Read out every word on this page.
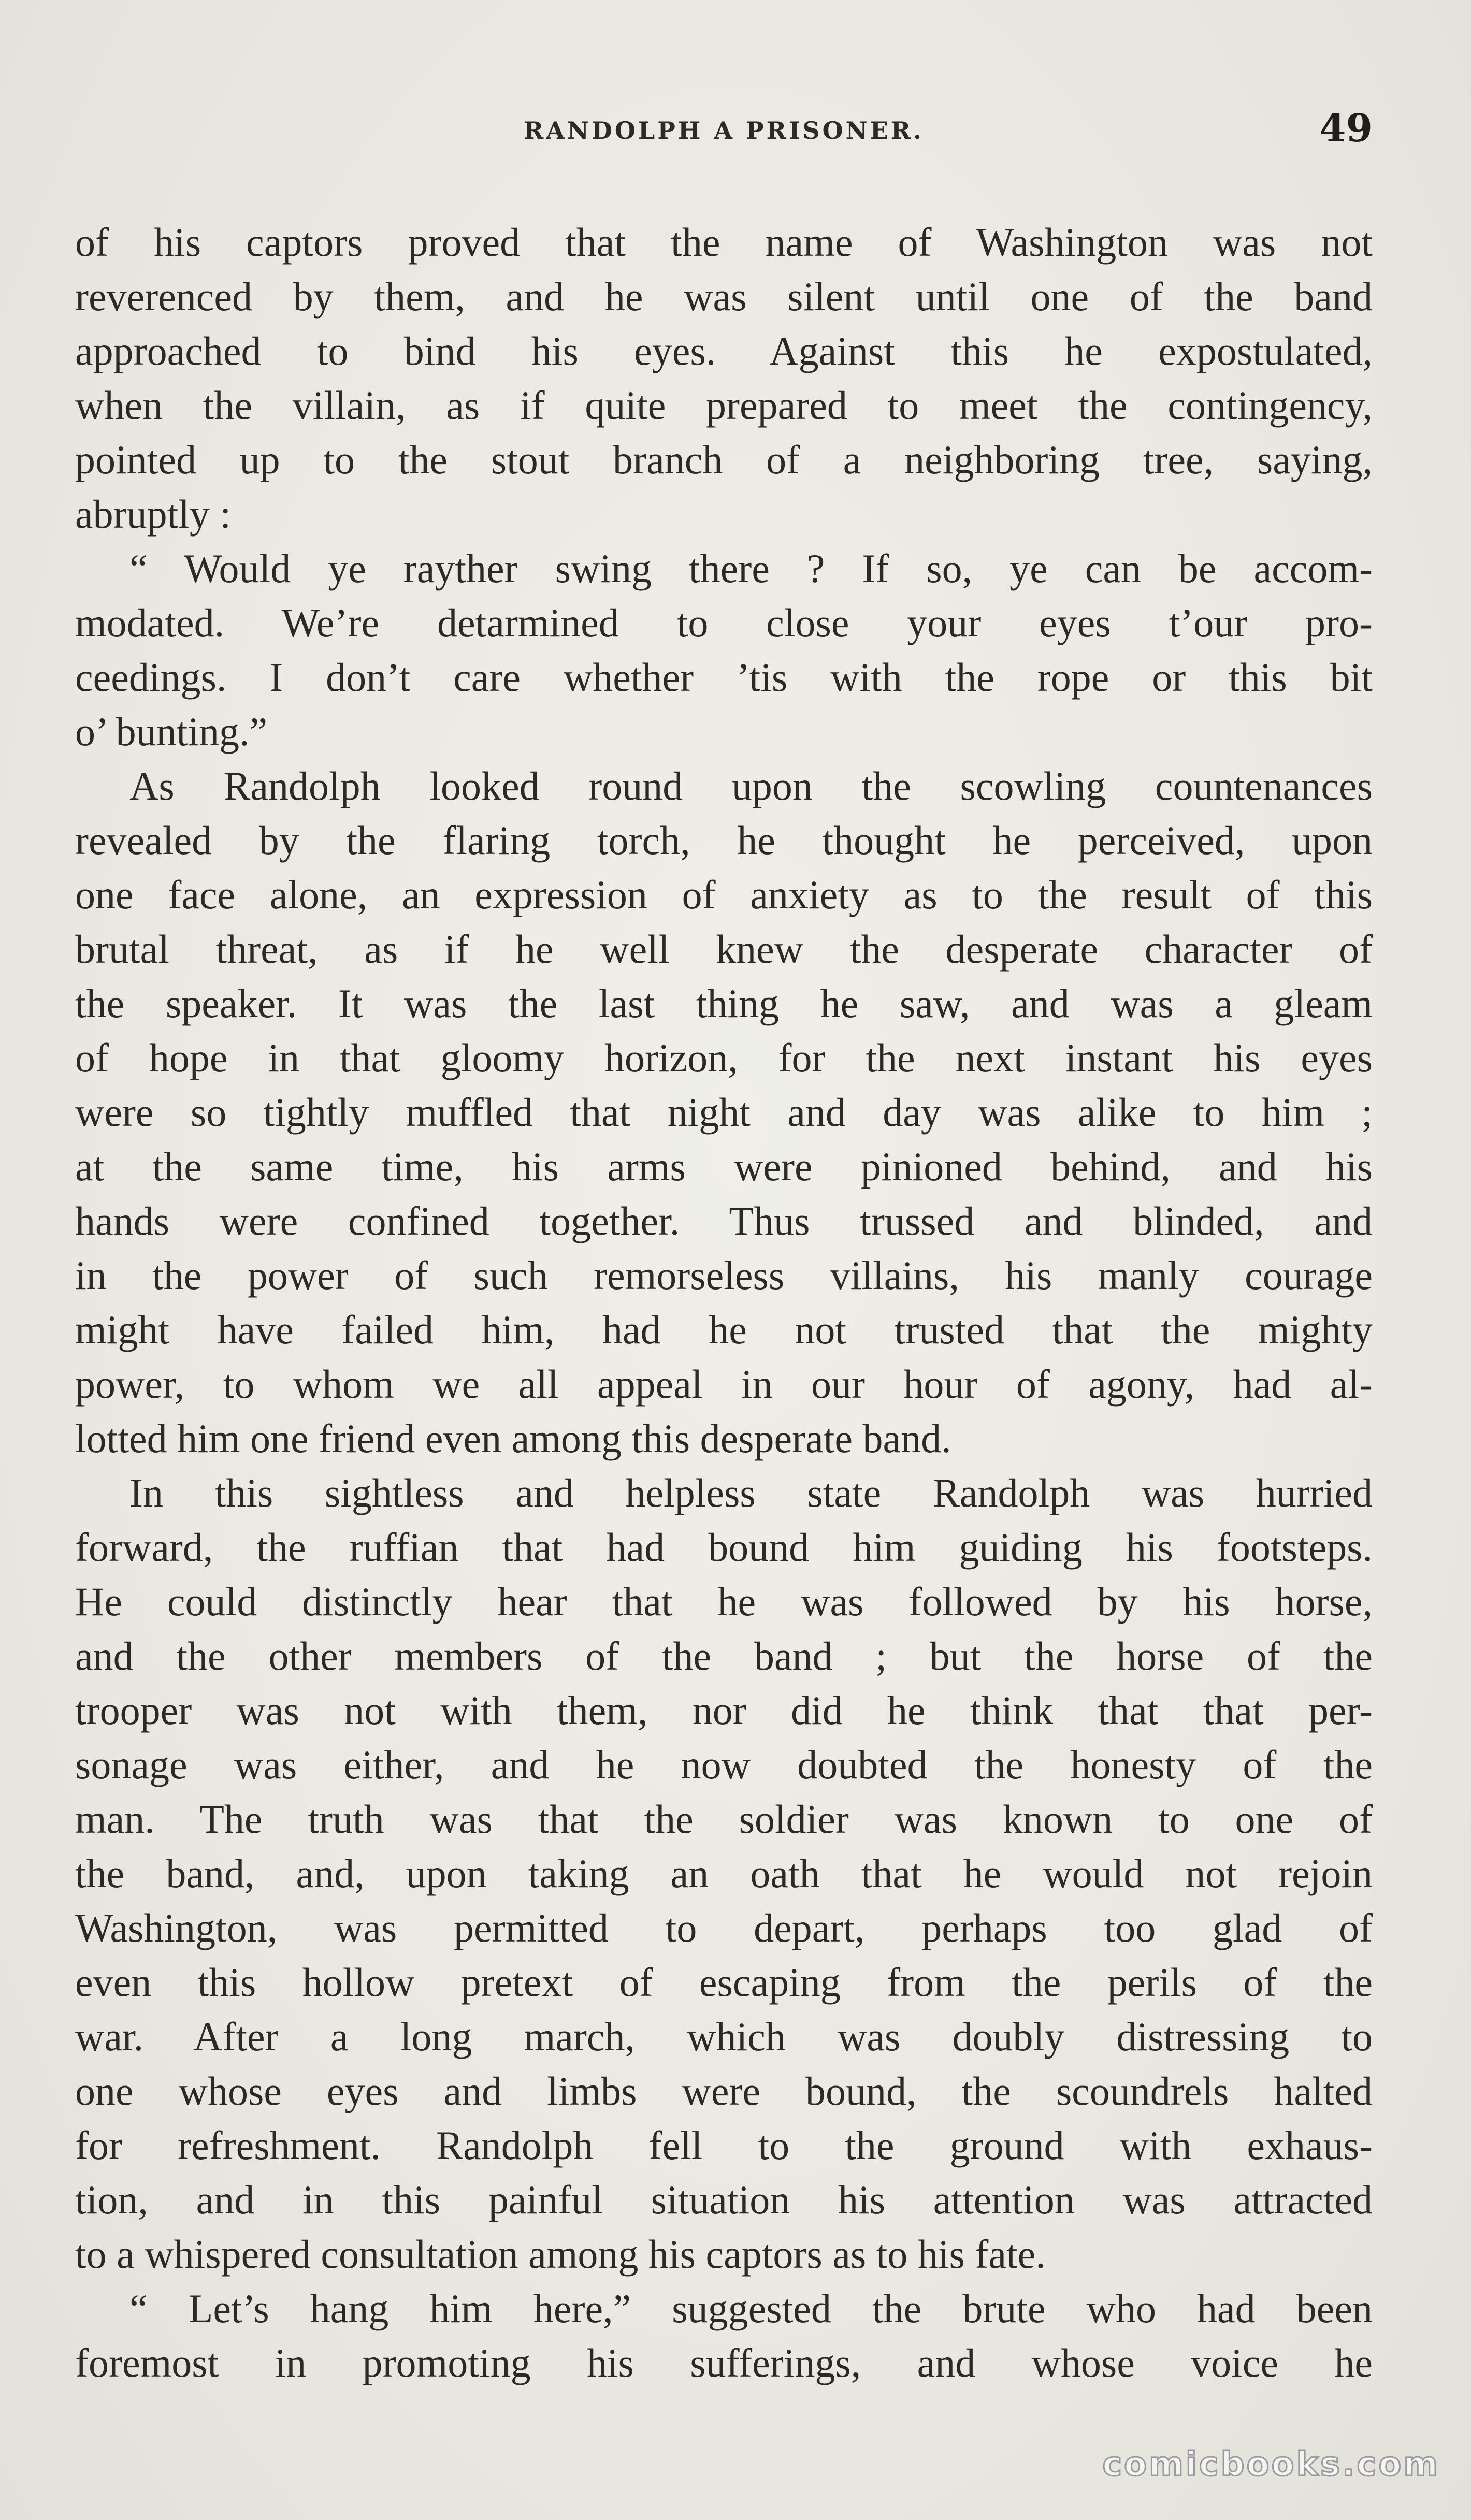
RANDOLPH A PRISONER.	49
of his captors proved that the name of Washington was not
reverenced by them, and he was silent until one of the band
approached to bind his eyes. Against this he expostulated,
when the villain, as if quite prepared to meet the contingency,
pointed up to the stout branch of a neighboring tree, saying,
abruptly :
“ Would ye rayther swing there ? If so, ye can be accom-
modated. We’re detarmined to close your eyes t’our pro-
ceedings. I don’t care whether ’tis with the rope or this bit
o’ bunting.”
As Randolph looked round upon the scowling countenances
revealed by the flaring torch, he thought he perceived, upon
one face alone, an expression of anxiety as to the result of this
brutal threat, as if he well knew the desperate character of
the speaker. It was the last thing he saw, and was a gleam
of hope in that gloomy horizon, for the next instant his eyes
were so tightly muffled that night and day was alike to him ;
at the same time, his arms were pinioned behind, and his
hands were confined together. Thus trussed and blinded, and
in the power of such remorseless villains, his manly courage
might have failed him, had he not trusted that the mighty
power, to whom we all appeal in our hour of agony, had al-
lotted him one friend even among this desperate band.
In this sightless and helpless state Randolph was hurried
forward, the ruffian that had bound him guiding his footsteps.
He could distinctly hear that he was followed by his horse,
and the other members of the band ; but the horse of the
trooper was not with them, nor did he think that that per-
sonage was either, and he now doubted the honesty of the
man. The truth was that the soldier was known to one of
the band, and, upon taking an oath that he would not rejoin
Washington, was permitted to depart, perhaps too glad of
even this hollow pretext of escaping from the perils of the
war. After a long march, which was doubly distressing to
one whose eyes and limbs were bound, the scoundrels halted
for refreshment. Randolph fell to the ground with exhaus-
tion, and in this painful situation his attention was attracted
to a whispered consultation among his captors as to his fate.
“ Let’s hang him here,” suggested the brute who had been
foremost in promoting his sufferings, and whose voice he
comicbooks.com
